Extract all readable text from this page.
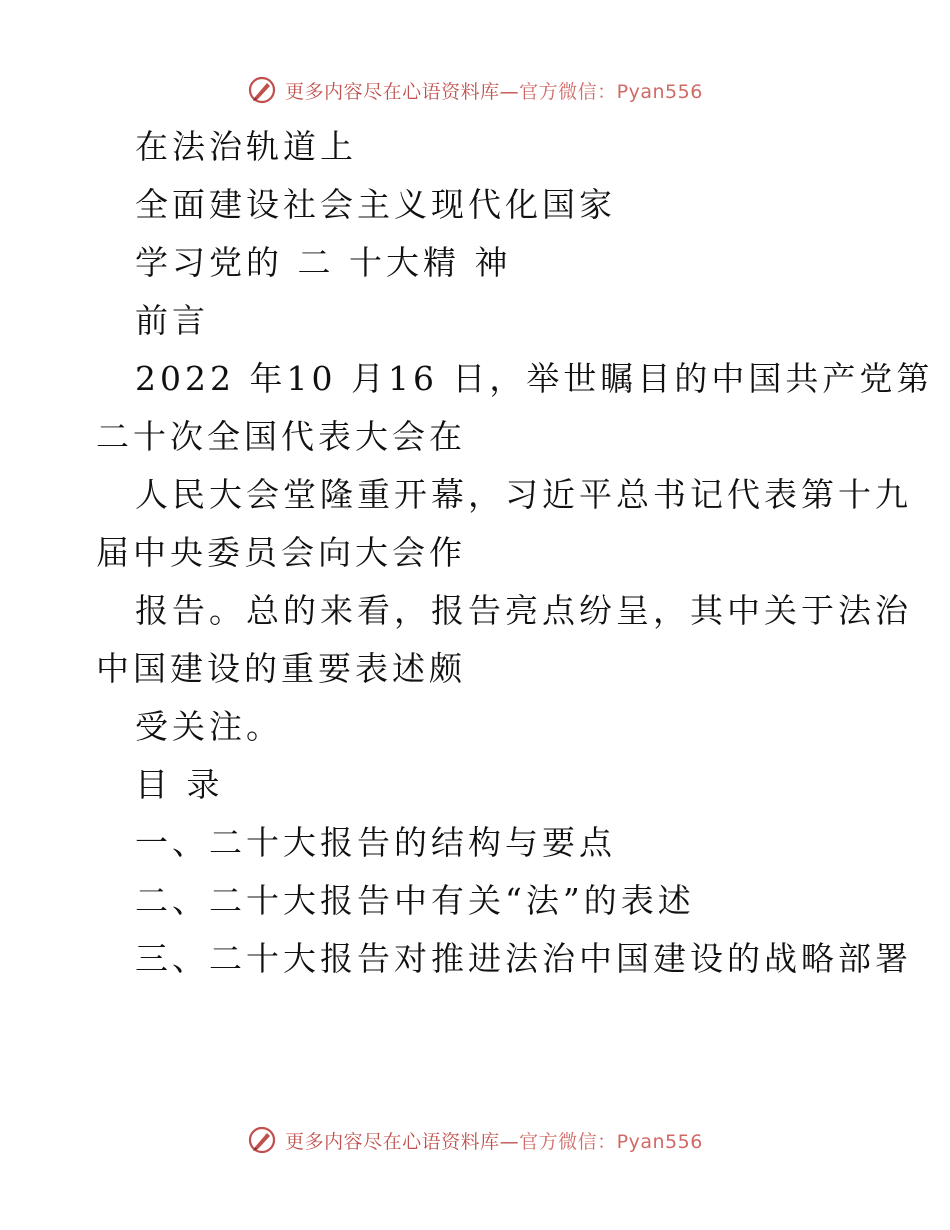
更多内容尽在心语资料库—官方微信：Pyan556
在法治轨道上
全面建设社会主义现代化国家
学习党的 二 十大精 神
前言
2022 年10 月16 日，举世瞩目的中国共产党第
二十次全国代表大会在
人民大会堂隆重开幕，习近平总书记代表第十九
届中央委员会向大会作
报告。总的来看，报告亮点纷呈，其中关于法治
中国建设的重要表述颇
受关注。
目 录
一、二十大报告的结构与要点
二、二十大报告中有关“法”的表述
三、二十大报告对推进法治中国建设的战略部署
更多内容尽在心语资料库—官方微信：Pyan556
